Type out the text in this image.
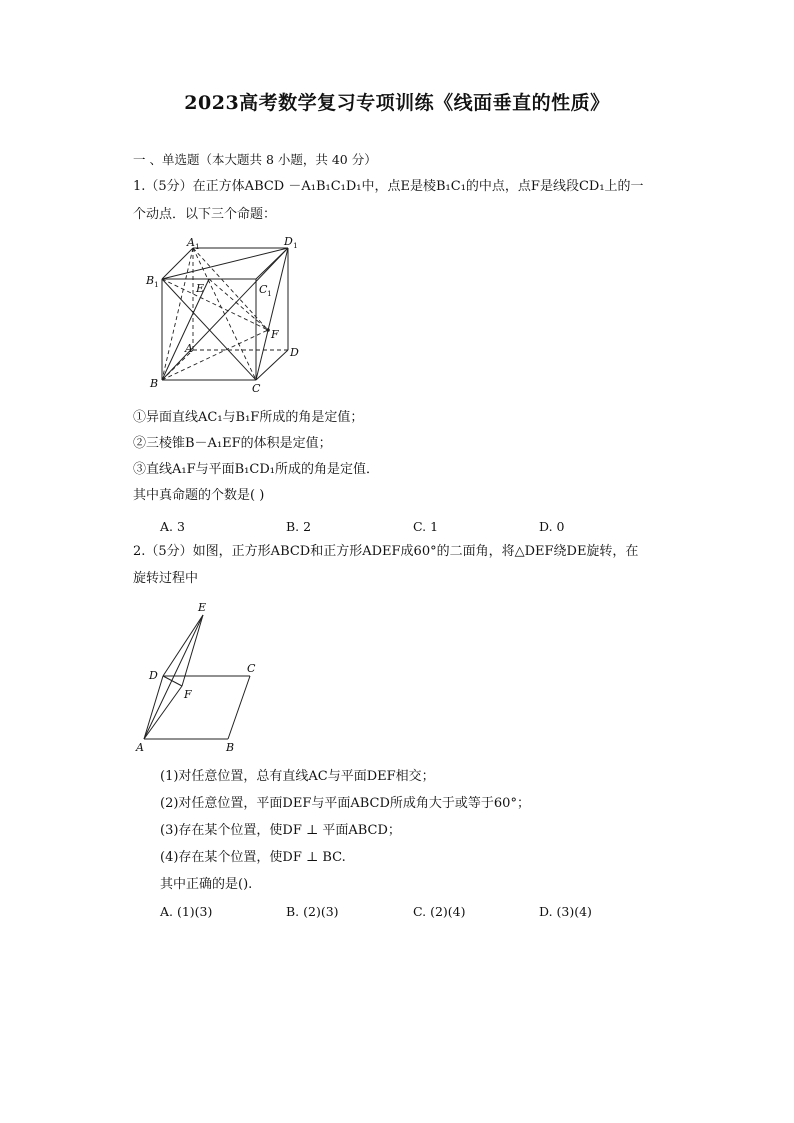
2023高考数学复习专项训练《线面垂直的性质》
一 、单选题（本大题共 8 小题，共 40 分）
1.（5分）在正方体ABCD －A₁B₁C₁D₁中，点E是棱B₁C₁的中点，点F是线段CD₁上的一
个动点．以下三个命题：
A 1	D 1
B 1	C 1
E
F
A	D
B	C
①异面直线AC₁与B₁F所成的角是定值；
②三棱锥B－A₁EF的体积是定值；
③直线A₁F与平面B₁CD₁所成的角是定值．
其中真命题的个数是( )
A. 3	B. 2	C. 1	D. 0
2.（5分）如图，正方形ABCD和正方形ADEF成60°的二面角，将△DEF绕DE旋转，在
旋转过程中
E
C
D
F
A	B
(1)对任意位置，总有直线AC与平面DEF相交；
(2)对任意位置，平面DEF与平面ABCD所成角大于或等于60°；
(3)存在某个位置，使DF ⊥ 平面ABCD；
(4)存在某个位置，使DF ⊥ BC.
其中正确的是().
A. (1)(3)	B. (2)(3)	C. (2)(4)	D. (3)(4)
